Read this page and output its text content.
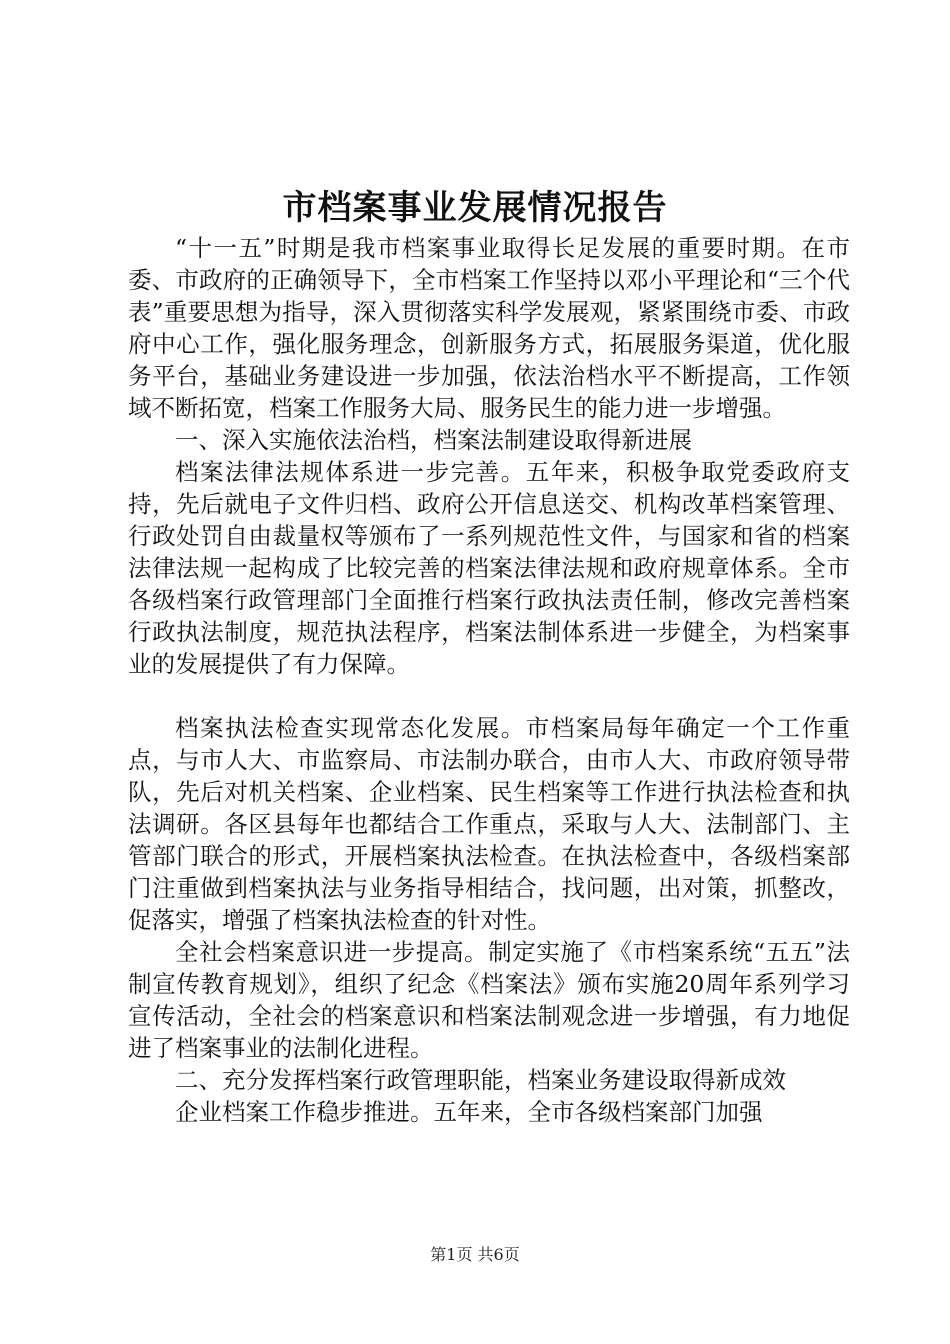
市档案事业发展情况报告

“十一五”时期是我市档案事业取得长足发展的重要时期。在市委、市政府的正确领导下，全市档案工作坚持以邓小平理论和“三个代表”重要思想为指导，深入贯彻落实科学发展观，紧紧围绕市委、市政府中心工作，强化服务理念，创新服务方式，拓展服务渠道，优化服务平台，基础业务建设进一步加强，依法治档水平不断提高，工作领域不断拓宽，档案工作服务大局、服务民生的能力进一步增强。

一、深入实施依法治档，档案法制建设取得新进展

档案法律法规体系进一步完善。五年来，积极争取党委政府支持，先后就电子文件归档、政府公开信息送交、机构改革档案管理、行政处罚自由裁量权等颁布了一系列规范性文件，与国家和省的档案法律法规一起构成了比较完善的档案法律法规和政府规章体系。全市各级档案行政管理部门全面推行档案行政执法责任制，修改完善档案行政执法制度，规范执法程序，档案法制体系进一步健全，为档案事业的发展提供了有力保障。

档案执法检查实现常态化发展。市档案局每年确定一个工作重点，与市人大、市监察局、市法制办联合，由市人大、市政府领导带队，先后对机关档案、企业档案、民生档案等工作进行执法检查和执法调研。各区县每年也都结合工作重点，采取与人大、法制部门、主管部门联合的形式，开展档案执法检查。在执法检查中，各级档案部门注重做到档案执法与业务指导相结合，找问题，出对策，抓整改，促落实，增强了档案执法检查的针对性。

全社会档案意识进一步提高。制定实施了《市档案系统“五五”法制宣传教育规划》，组织了纪念《档案法》颁布实施20周年系列学习宣传活动，全社会的档案意识和档案法制观念进一步增强，有力地促进了档案事业的法制化进程。

二、充分发挥档案行政管理职能，档案业务建设取得新成效

企业档案工作稳步推进。五年来，全市各级档案部门加强

第1页 共6页
